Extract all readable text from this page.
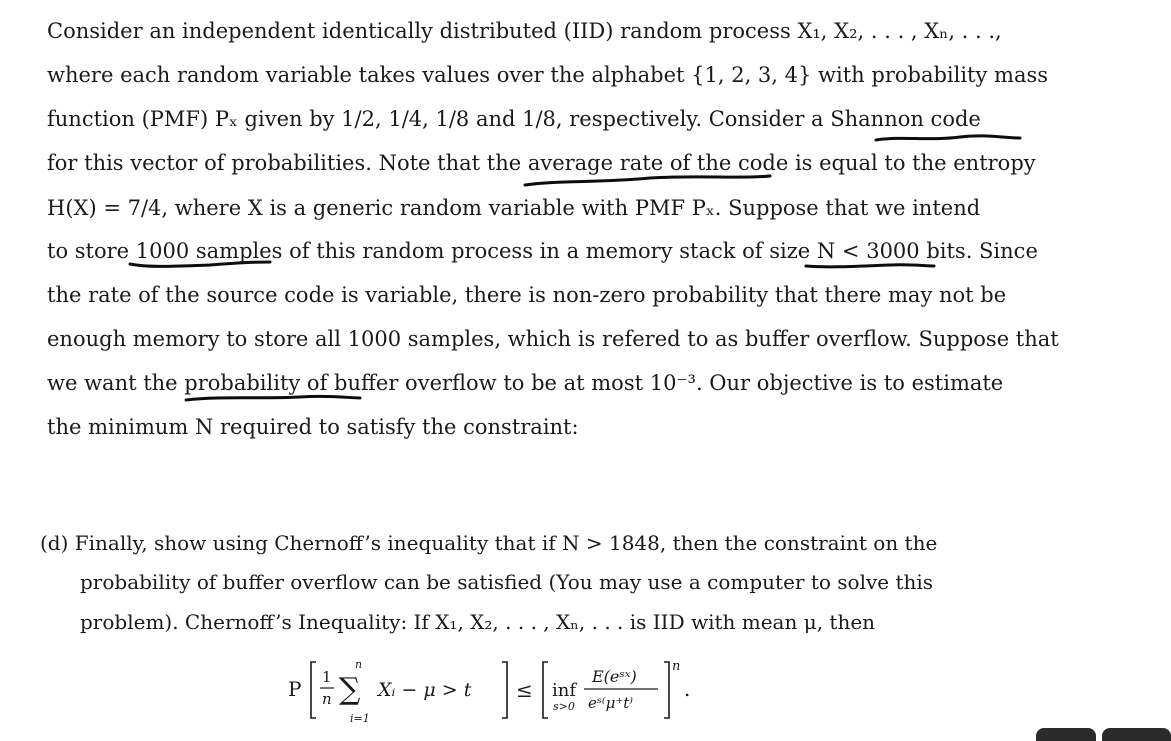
Consider an independent identically distributed (IID) random process X₁, X₂, . . . , Xₙ, . . .,
where each random variable takes values over the alphabet {1, 2, 3, 4} with probability mass
function (PMF) Pₓ given by 1/2, 1/4, 1/8 and 1/8, respectively. Consider a Shannon code
for this vector of probabilities. Note that the average rate of the code is equal to the entropy
H(X) = 7/4, where X is a generic random variable with PMF Pₓ. Suppose that we intend
to store 1000 samples of this random process in a memory stack of size N < 3000 bits. Since
the rate of the source code is variable, there is non-zero probability that there may not be
enough memory to store all 1000 samples, which is refered to as buffer overflow. Suppose that
we want the probability of buffer overflow to be at most 10⁻³. Our objective is to estimate
the minimum N required to satisfy the constraint:
(d) Finally, show using Chernoff’s inequality that if N > 1848, then the constraint on the
probability of buffer overflow can be satisfied (You may use a computer to solve this
problem). Chernoff’s Inequality: If X₁, X₂, . . . , Xₙ, . . . is IID with mean μ, then
P 1
n
n
∑
i=1
Xᵢ − μ > t ≤ inf
s>0
E(eˢˣ)
eˢ⁽μ⁺t⁾
n
.
